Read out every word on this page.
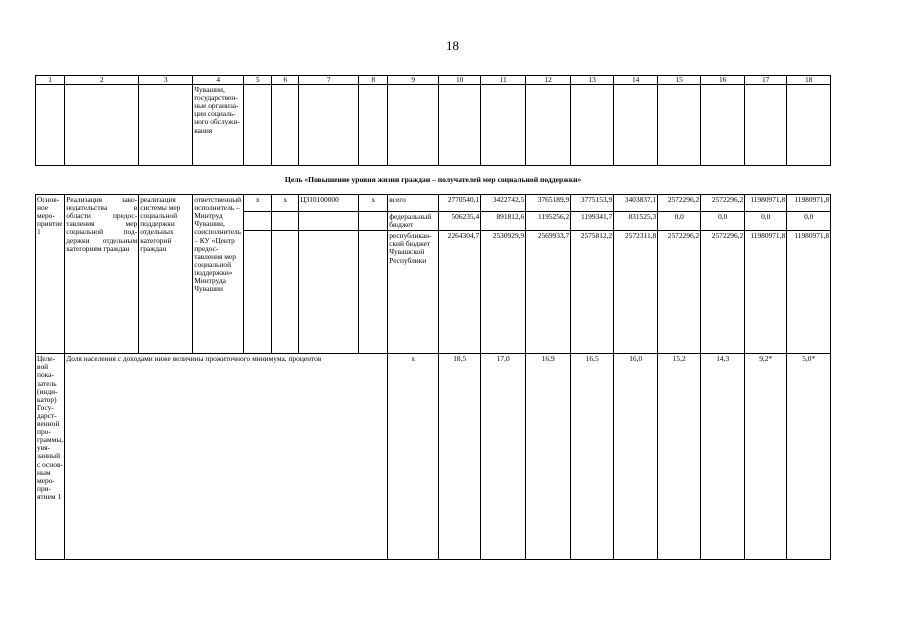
18
1	2	3	4	5	6	7	8	9	10	11	12	13	14	15	16	17	18
			Чувашии, государственные организации социального обслуживания														
Цель «Повышение уровня жизни граждан – получателей мер социальной поддержки»																	
Основное мероприятие 1	Реализация законодательства в области предоставления мер социальной поддержки отдельным категориям граждан	реализация системы мер социальной поддержки отдельных категорий граждан	ответственный исполнитель – Минтруд Чувашии, соисполнитель – КУ «Центр предоставления мер социальной поддержки» Минтруда Чувашии	х	х	Ц310100000	х	всего	2770540,1	3422742,5	3765189,9	3775153,9	3403837,1	2572296,2	2572296,2	11980971,8	11980971,8
								федеральный бюджет	506235,4	891812,6	1195256,2	1199341,7	831525,3	0,0	0,0	0,0	0,0
								республиканский бюджет Чувашской Республики	2264304,7	2530929,9	2569933,7	2575812,2	2572311,8	2572296,2	2572296,2	11980971,8	11980971,8
Целевой показатель (индикатор) Государственной программы, увязанный с основным мероприятием 1	Доля населения с доходами ниже величины прожиточного минимума, процентов							х	18,5	17,0	16,9	16,5	16,0	15,2	14,3	9,2*	5,0*
